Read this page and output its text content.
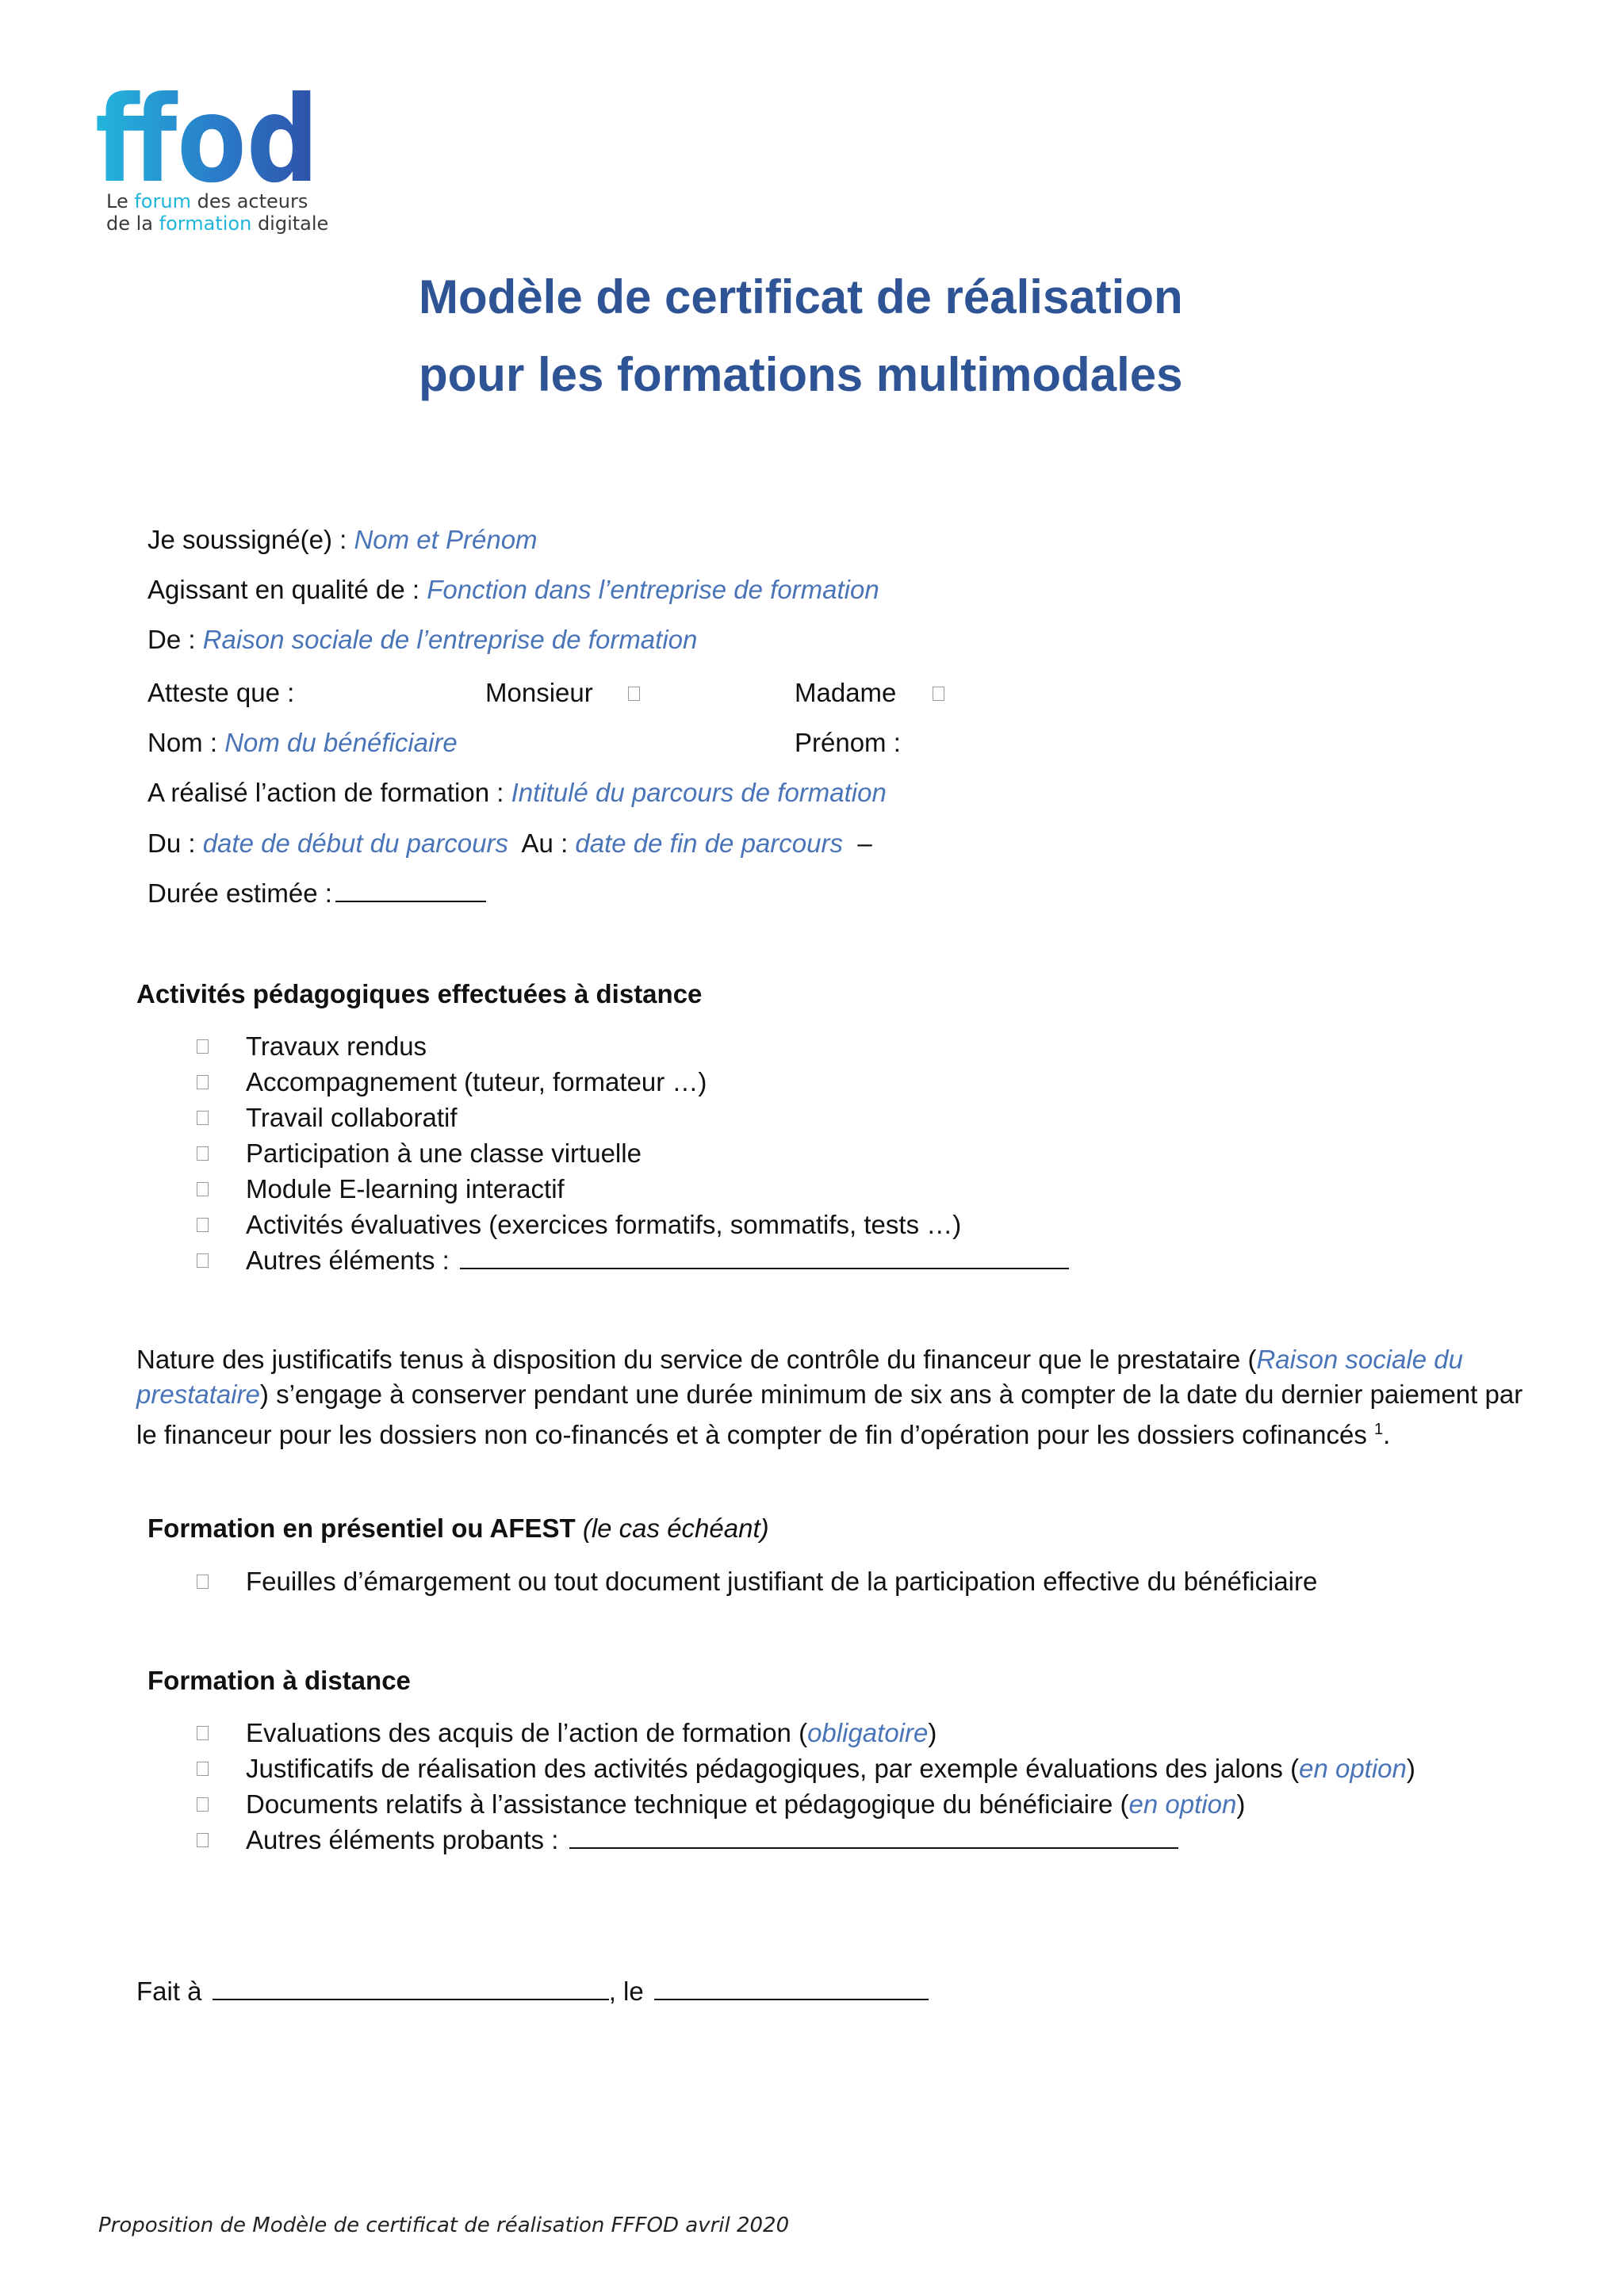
ffod
Le forum des acteurs
de la formation digitale
Modèle de certificat de réalisation
pour les formations multimodales
Je soussigné(e) : Nom et Prénom
Agissant en qualité de : Fonction dans l’entreprise de formation
De : Raison sociale de l’entreprise de formation
Atteste que :	Monsieur	Madame
Nom : Nom du bénéficiaire	Prénom :
A réalisé l’action de formation : Intitulé du parcours de formation
Du : date de début du parcours Au : date de fin de parcours –
Durée estimée :
Activités pédagogiques effectuées à distance
Travaux rendus
Accompagnement (tuteur, formateur …)
Travail collaboratif
Participation à une classe virtuelle
Module E-learning interactif
Activités évaluatives (exercices formatifs, sommatifs, tests …)
Autres éléments :
Nature des justificatifs tenus à disposition du service de contrôle du financeur que le prestataire (Raison sociale du prestataire) s’engage à conserver pendant une durée minimum de six ans à compter de la date du dernier paiement par le financeur pour les dossiers non co-financés et à compter de fin d’opération pour les dossiers cofinancés $^1$.
Formation en présentiel ou AFEST (le cas échéant)
Feuilles d’émargement ou tout document justifiant de la participation effective du bénéficiaire
Formation à distance
Evaluations des acquis de l’action de formation (obligatoire)
Justificatifs de réalisation des activités pédagogiques, par exemple évaluations des jalons (en option)
Documents relatifs à l’assistance technique et pédagogique du bénéficiaire (en option)
Autres éléments probants :
Fait à	, le
Proposition de Modèle de certificat de réalisation FFFOD avril 2020
